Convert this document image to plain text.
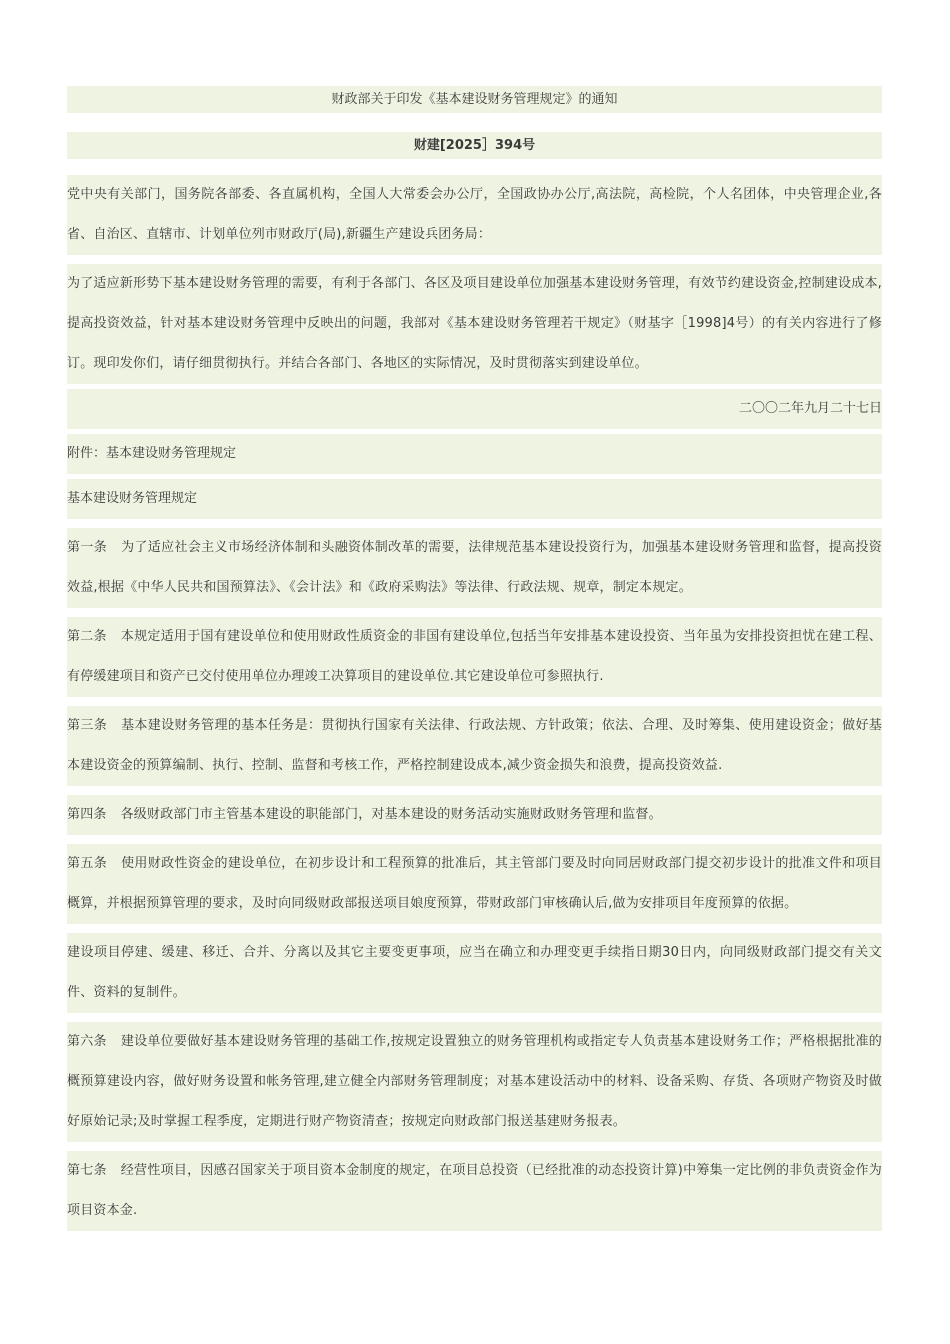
财政部关于印发《基本建设财务管理规定》的通知

财建[2025］394号

党中央有关部门，国务院各部委、各直属机构，全国人大常委会办公厅，全国政协办公厅,高法院，高检院，个人名团体，中央管理企业,各省、自治区、直辖市、计划单位列市财政厅(局),新疆生产建设兵团务局：

为了适应新形势下基本建设财务管理的需要，有利于各部门、各区及项目建设单位加强基本建设财务管理，有效节约建设资金,控制建设成本,提高投资效益，针对基本建设财务管理中反映出的问题，我部对《基本建设财务管理若干规定》（财基字［1998]4号）的有关内容进行了修订。现印发你们，请仔细贯彻执行。并结合各部门、各地区的实际情况，及时贯彻落实到建设单位。

二〇〇二年九月二十七日

附件：基本建设财务管理规定

基本建设财务管理规定

第一条 为了适应社会主义市场经济体制和头融资体制改革的需要，法律规范基本建设投资行为，加强基本建设财务管理和监督，提高投资效益,根据《中华人民共和国预算法》、《会计法》和《政府采购法》等法律、行政法规、规章，制定本规定。

第二条 本规定适用于国有建设单位和使用财政性质资金的非国有建设单位,包括当年安排基本建设投资、当年虽为安排投资担忧在建工程、有停缓建项目和资产已交付使用单位办理竣工决算项目的建设单位.其它建设单位可参照执行.

第三条 基本建设财务管理的基本任务是：贯彻执行国家有关法律、行政法规、方针政策；依法、合理、及时筹集、使用建设资金；做好基本建设资金的预算编制、执行、控制、监督和考核工作，严格控制建设成本,减少资金损失和浪费，提高投资效益.

第四条 各级财政部门市主管基本建设的职能部门，对基本建设的财务活动实施财政财务管理和监督。

第五条 使用财政性资金的建设单位，在初步设计和工程预算的批准后，其主管部门要及时向同居财政部门提交初步设计的批准文件和项目概算，并根据预算管理的要求，及时向同级财政部报送项目娘度预算，带财政部门审核确认后,做为安排项目年度预算的依据。

建设项目停建、缓建、移迁、合并、分离以及其它主要变更事项，应当在确立和办理变更手续指日期30日内，向同级财政部门提交有关文件、资料的复制件。

第六条 建设单位要做好基本建设财务管理的基础工作,按规定设置独立的财务管理机构或指定专人负责基本建设财务工作；严格根据批准的概预算建设内容，做好财务设置和帐务管理,建立健全内部财务管理制度；对基本建设活动中的材料、设备采购、存货、各项财产物资及时做好原始记录;及时掌握工程季度，定期进行财产物资清查；按规定向财政部门报送基建财务报表。

第七条 经营性项目，因感召国家关于项目资本金制度的规定，在项目总投资（已经批准的动态投资计算)中筹集一定比例的非负责资金作为项目资本金.
